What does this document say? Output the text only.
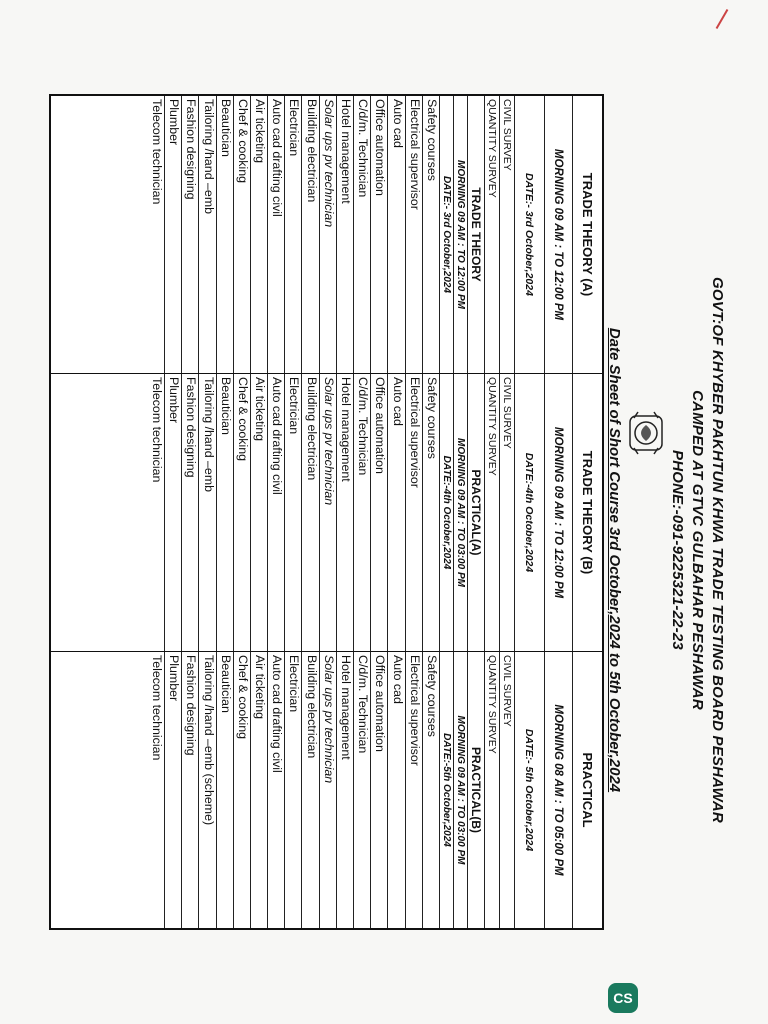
GOVT:OF KHYBER PAKHTUN KHWA TRADE TESTING BOARD PESHAWAR
CAMPED AT GTVC GULBAHAR PESHAWAR
PHONE:-091-9225321-22-23
Date Sheet of Short Course 3rd October,2024 to 5th October,2024
TRADE THEORY (A)
MORNING 09 AM : TO 12:00 PM
DATE:- 3rd October,2024
CIVIL SURVEY
QUANTITY SURVEY
TRADE THEORY
MORNING 09 AM : TO 12:00 PM
DATE:- 3rd October,2024
Safety courses
Electrical supervisor
Auto cad
Office automation
C/d/m. Technician
Hotel management
Solar ups pv technician
Building electrician
Electrician
Auto cad drafting civil
Air ticketing
Chef & cooking
Beautician
Tailoring /hand –emb
Fashion designing
Plumber
Telecom technician
TRADE THEORY (B)
MORNING 09 AM : TO 12:00 PM
DATE:-4th October,2024
CIVIL SURVEY
QUANTITY SURVEY
PRACTICAL(A)
MORNING 09 AM : TO 03:00 PM
DATE:-4th October,2024
Safety courses
Electrical supervisor
Auto cad
Office automation
C/d/m. Technician
Hotel management
Solar ups pv technician
Building electrician
Electrician
Auto cad drafting civil
Air ticketing
Chef & cooking
Beautician
Tailoring /hand –emb
Fashion designing
Plumber
Telecom technician
PRACTICAL
MORNING 08 AM : TO 05:00 PM
DATE:- 5th October,2024
CIVIL SURVEY
QUANTITY SURVEY
PRACTICAL(B)
MORNING 09 AM : TO 03:00 PM
DATE:-5th October,2024
Safety courses
Electrical supervisor
Auto cad
Office automation
C/d/m. Technician
Hotel management
Solar ups pv technician
Building electrician
Electrician
Auto cad drafting civil
Air ticketing
Chef & cooking
Beautician
Tailoring /hand –emb (scheme)
Fashion designing
Plumber
Telecom technician
CS
